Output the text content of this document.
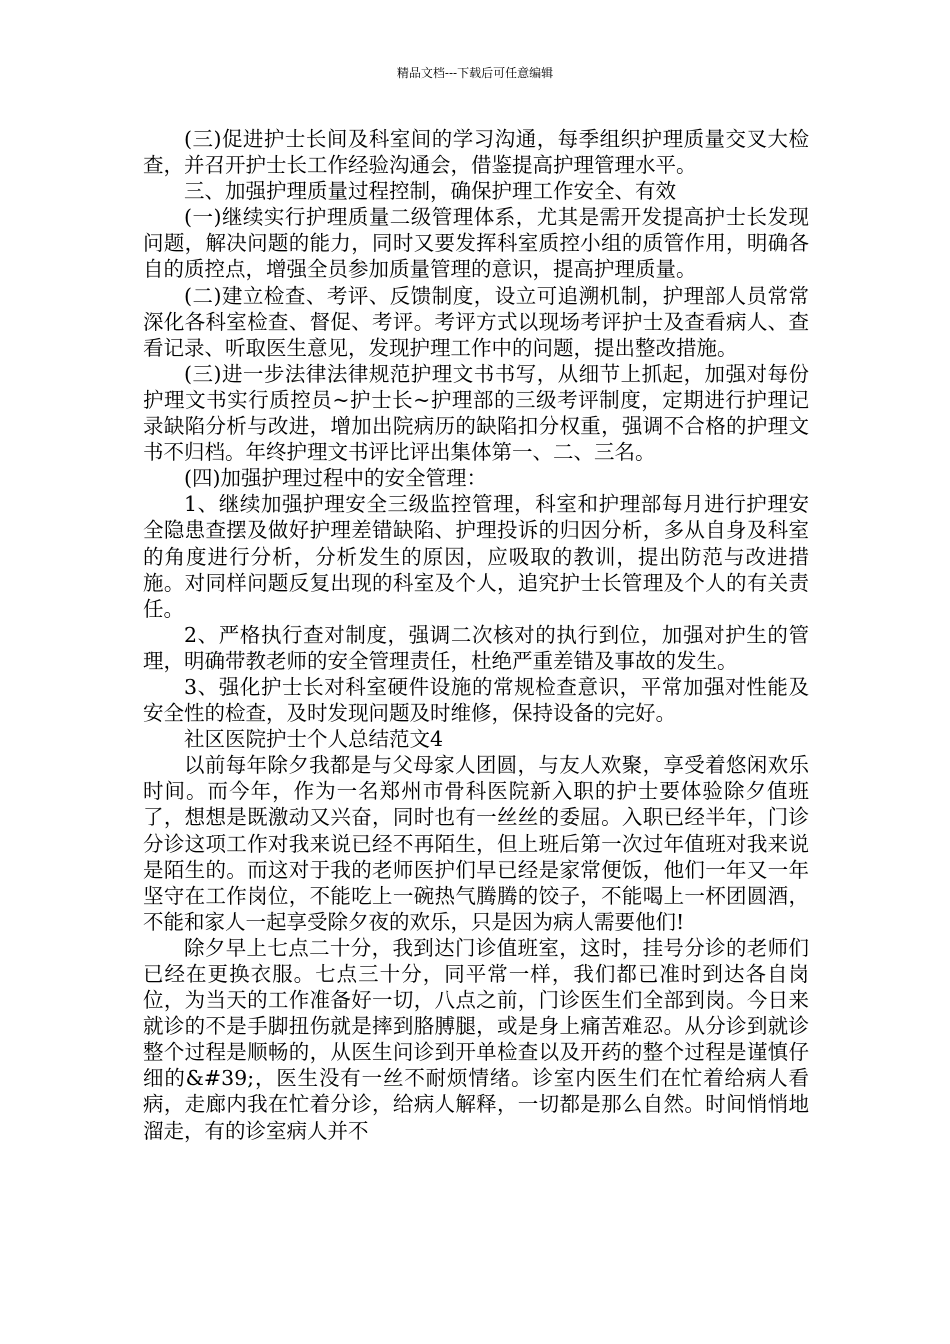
精品文档---下载后可任意编辑

(三)促进护士长间及科室间的学习沟通，每季组织护理质量交叉大检查，并召开护士长工作经验沟通会，借鉴提高护理管理水平。

三、加强护理质量过程控制，确保护理工作安全、有效

(一)继续实行护理质量二级管理体系，尤其是需开发提高护士长发现问题，解决问题的能力，同时又要发挥科室质控小组的质管作用，明确各自的质控点，增强全员参加质量管理的意识，提高护理质量。

(二)建立检查、考评、反馈制度，设立可追溯机制，护理部人员常常深化各科室检查、督促、考评。考评方式以现场考评护士及查看病人、查看记录、听取医生意见，发现护理工作中的问题，提出整改措施。

(三)进一步法律法律规范护理文书书写，从细节上抓起，加强对每份护理文书实行质控员~护士长~护理部的三级考评制度，定期进行护理记录缺陷分析与改进，增加出院病历的缺陷扣分权重，强调不合格的护理文书不归档。年终护理文书评比评出集体第一、二、三名。

(四)加强护理过程中的安全管理：

1、继续加强护理安全三级监控管理，科室和护理部每月进行护理安全隐患查摆及做好护理差错缺陷、护理投诉的归因分析，多从自身及科室的角度进行分析，分析发生的原因，应吸取的教训，提出防范与改进措施。对同样问题反复出现的科室及个人，追究护士长管理及个人的有关责任。

2、严格执行查对制度，强调二次核对的执行到位，加强对护生的管理，明确带教老师的安全管理责任，杜绝严重差错及事故的发生。

3、强化护士长对科室硬件设施的常规检查意识，平常加强对性能及安全性的检查，及时发现问题及时维修，保持设备的完好。

社区医院护士个人总结范文4

以前每年除夕我都是与父母家人团圆，与友人欢聚，享受着悠闲欢乐时间。而今年，作为一名郑州市骨科医院新入职的护士要体验除夕值班了，想想是既激动又兴奋，同时也有一丝丝的委屈。入职已经半年，门诊分诊这项工作对我来说已经不再陌生，但上班后第一次过年值班对我来说是陌生的。而这对于我的老师医护们早已经是家常便饭，他们一年又一年坚守在工作岗位，不能吃上一碗热气腾腾的饺子，不能喝上一杯团圆酒，不能和家人一起享受除夕夜的欢乐，只是因为病人需要他们!

除夕早上七点二十分，我到达门诊值班室，这时，挂号分诊的老师们已经在更换衣服。七点三十分，同平常一样，我们都已准时到达各自岗位，为当天的工作准备好一切，八点之前，门诊医生们全部到岗。今日来就诊的不是手脚扭伤就是摔到胳膊腿，或是身上痛苦难忍。从分诊到就诊整个过程是顺畅的，从医生问诊到开单检查以及开药的整个过程是谨慎仔细的&#39;，医生没有一丝不耐烦情绪。诊室内医生们在忙着给病人看病，走廊内我在忙着分诊，给病人解释，一切都是那么自然。时间悄悄地溜走，有的诊室病人并不
